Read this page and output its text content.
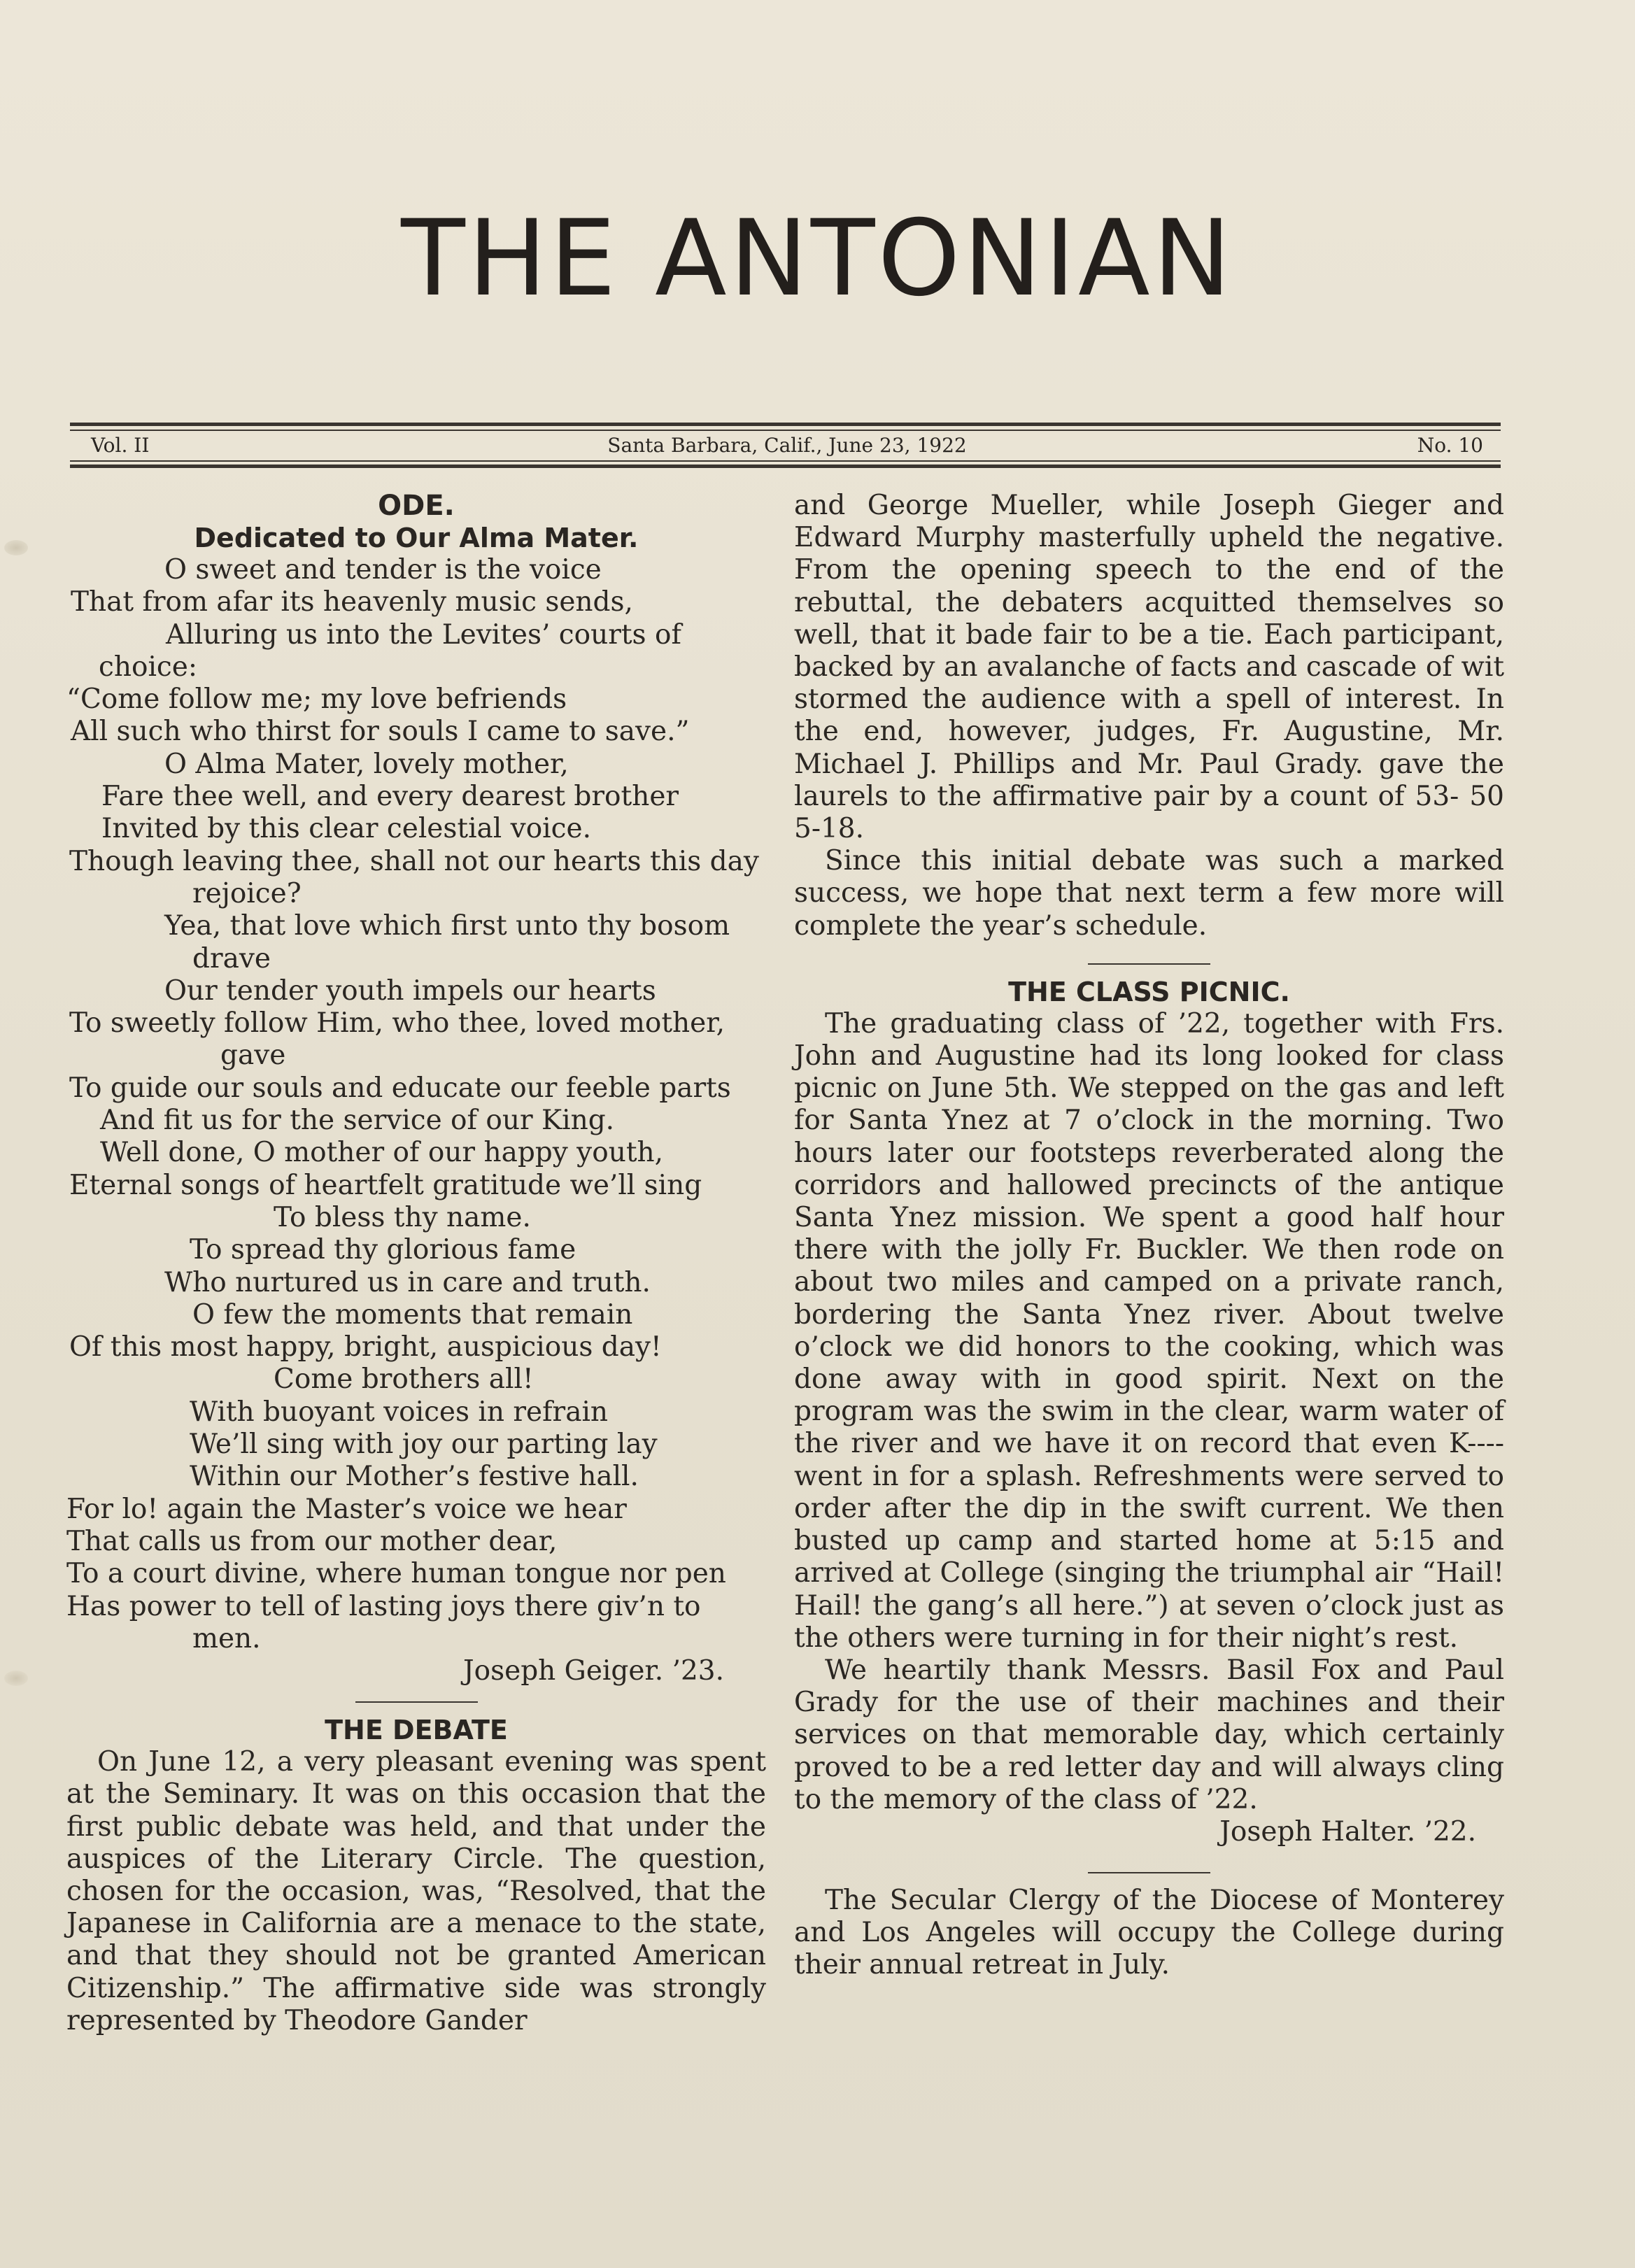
THE ANTONIAN
Vol. II	Santa Barbara, Calif., June 23, 1922	No. 10
ODE.
Dedicated to Our Alma Mater.

O sweet and tender is the voice

That from afar its heavenly music sends,

Alluring us into the Levites’ courts of choice:

“Come follow me; my love befriends

All such who thirst for souls I came to save.”

O Alma Mater, lovely mother,

Fare thee well, and every dearest brother

Invited by this clear celestial voice.

Though leaving thee, shall not our hearts this day rejoice?

Yea, that love which first unto thy bosom drave

Our tender youth impels our hearts

To sweetly follow Him, who thee, loved mother, gave

To guide our souls and educate our feeble parts

And fit us for the service of our King.

Well done, O mother of our happy youth,

Eternal songs of heartfelt gratitude we’ll sing

To bless thy name.

To spread thy glorious fame

Who nurtured us in care and truth.

O few the moments that remain

Of this most happy, bright, auspicious day!

Come brothers all!

With buoyant voices in refrain

We’ll sing with joy our parting lay

Within our Mother’s festive hall.

For lo! again the Master’s voice we hear

That calls us from our mother dear,

To a court divine, where human tongue nor pen

Has power to tell of lasting joys there giv’n to men.

Joseph Geiger. ’23.

THE DEBATE

On June 12, a very pleasant evening was spent at the Seminary. It was on this occasion that the first public debate was held, and that under the auspices of the Literary Circle. The question, chosen for the occasion, was, “Resolved, that the Japanese in California are a menace to the state, and that they should not be granted American Citizenship.” The affirmative side was strongly represented by Theodore Gander

and George Mueller, while Joseph Gieger and Edward Murphy masterfully upheld the negative. From the opening speech to the end of the rebuttal, the debaters acquitted themselves so well, that it bade fair to be a tie. Each participant, backed by an avalanche of facts and cascade of wit stormed the audience with a spell of interest. In the end, however, judges, Fr. Augustine, Mr. Michael J. Phillips and Mr. Paul Grady. gave the laurels to the affirmative pair by a count of 53- 50 5-18.

Since this initial debate was such a marked success, we hope that next term a few more will complete the year’s schedule.

THE CLASS PICNIC.

The graduating class of ’22, together with Frs. John and Augustine had its long looked for class picnic on June 5th. We stepped on the gas and left for Santa Ynez at 7 o’clock in the morning. Two hours later our footsteps reverberated along the corridors and hallowed precincts of the antique Santa Ynez mission. We spent a good half hour there with the jolly Fr. Buckler. We then rode on about two miles and camped on a private ranch, bordering the Santa Ynez river. About twelve o’clock we did honors to the cooking, which was done away with in good spirit. Next on the program was the swim in the clear, warm water of the river and we have it on record that even K---- went in for a splash. Refreshments were served to order after the dip in the swift current. We then busted up camp and started home at 5:15 and arrived at College (singing the triumphal air “Hail! Hail! the gang’s all here.”) at seven o’clock just as the others were turning in for their night’s rest.

We heartily thank Messrs. Basil Fox and Paul Grady for the use of their machines and their services on that memorable day, which certainly proved to be a red letter day and will always cling to the memory of the class of ’22.

Joseph Halter. ’22.

The Secular Clergy of the Diocese of Monterey and Los Angeles will occupy the College during their annual retreat in July.
